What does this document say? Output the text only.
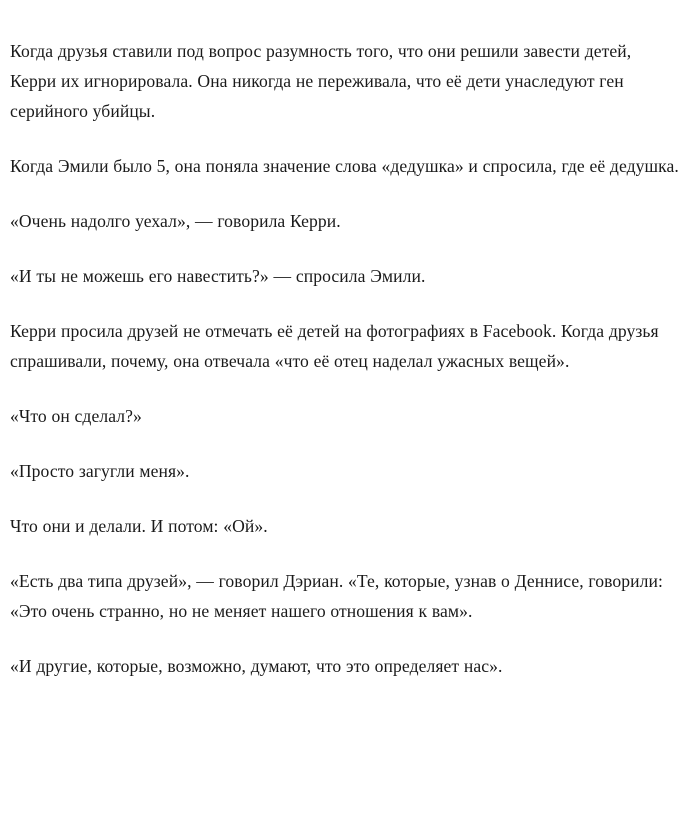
Когда друзья ставили под вопрос разумность того, что они решили завести детей, Керри их игнорировала. Она никогда не переживала, что её дети унаследуют ген серийного убийцы.

Когда Эмили было 5, она поняла значение слова «дедушка» и спросила, где её дедушка.

«Очень надолго уехал», — говорила Керри.

«И ты не можешь его навестить?» — спросила Эмили.

Керри просила друзей не отмечать её детей на фотографиях в Facebook. Когда друзья спрашивали, почему, она отвечала «что её отец наделал ужасных вещей».

«Что он сделал?»

«Просто загугли меня».

Что они и делали. И потом: «Ой».

«Есть два типа друзей», — говорил Дэриан. «Те, которые, узнав о Деннисе, говорили: «Это очень странно, но не меняет нашего отношения к вам».

«И другие, которые, возможно, думают, что это определяет нас».
